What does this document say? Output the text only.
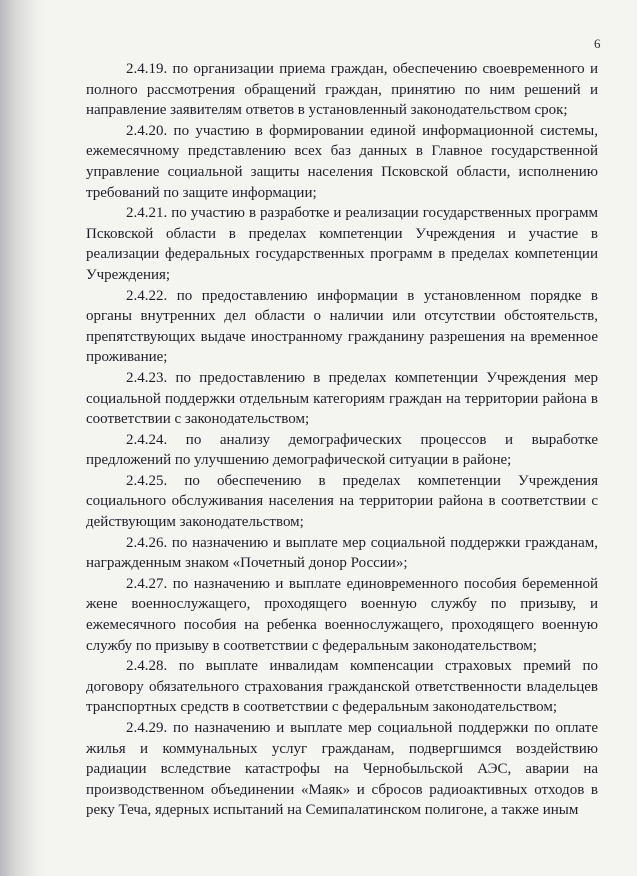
6

2.4.19. по организации приема граждан, обеспечению своевременного и полного рассмотрения обращений граждан, принятию по ним решений и направление заявителям ответов в установленный законодательством срок;

2.4.20. по участию в формировании единой информационной системы, ежемесячному представлению всех баз данных в Главное государственной управление социальной защиты населения Псковской области, исполнению требований по защите информации;

2.4.21. по участию в разработке и реализации государственных программ Псковской области в пределах компетенции Учреждения и участие в реализации федеральных государственных программ в пределах компетенции Учреждения;

2.4.22. по предоставлению информации в установленном порядке в органы внутренних дел области о наличии или отсутствии обстоятельств, препятствующих выдаче иностранному гражданину разрешения на временное проживание;

2.4.23. по предоставлению в пределах компетенции Учреждения мер социальной поддержки отдельным категориям граждан на территории района в соответствии с законодательством;

2.4.24. по анализу демографических процессов и выработке предложений по улучшению демографической ситуации в районе;

2.4.25. по обеспечению в пределах компетенции Учреждения социального обслуживания населения на территории района в соответствии с действующим законодательством;

2.4.26. по назначению и выплате мер социальной поддержки гражданам, награжденным знаком «Почетный донор России»;

2.4.27. по назначению и выплате единовременного пособия беременной жене военнослужащего, проходящего военную службу по призыву, и ежемесячного пособия на ребенка военнослужащего, проходящего военную службу по призыву в соответствии с федеральным законодательством;

2.4.28. по выплате инвалидам компенсации страховых премий по договору обязательного страхования гражданской ответственности владельцев транспортных средств в соответствии с федеральным законодательством;

2.4.29. по назначению и выплате мер социальной поддержки по оплате жилья и коммунальных услуг гражданам, подвергшимся воздействию радиации вследствие катастрофы на Чернобыльской АЭС, аварии на производственном объединении «Маяк» и сбросов радиоактивных отходов в реку Теча, ядерных испытаний на Семипалатинском полигоне, а также иным
